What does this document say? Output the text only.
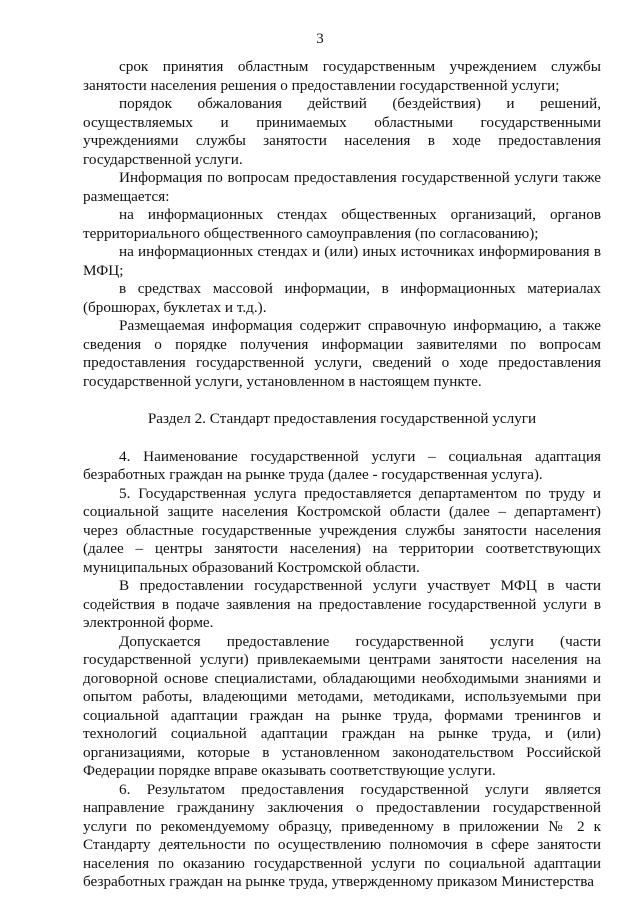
3

срок принятия областным государственным учреждением службы занятости населения решения о предоставлении государственной услуги;

порядок обжалования действий (бездействия) и решений, осуществляемых и принимаемых областными государственными учреждениями службы занятости населения в ходе предоставления государственной услуги.

Информация по вопросам предоставления государственной услуги также размещается:

на информационных стендах общественных организаций, органов территориального общественного самоуправления (по согласованию);

на информационных стендах и (или) иных источниках информирования в МФЦ;

в средствах массовой информации, в информационных материалах (брошюрах, буклетах и т.д.).

Размещаемая информация содержит справочную информацию, а также сведения о порядке получения информации заявителями по вопросам предоставления государственной услуги, сведений о ходе предоставления государственной услуги, установленном в настоящем пункте.

Раздел 2. Стандарт предоставления государственной услуги

4. Наименование государственной услуги – социальная адаптация безработных граждан на рынке труда (далее - государственная услуга).

5. Государственная услуга предоставляется департаментом по труду и социальной защите населения Костромской области (далее – департамент) через областные государственные учреждения службы занятости населения (далее – центры занятости населения) на территории соответствующих муниципальных образований Костромской области.

В предоставлении государственной услуги участвует МФЦ в части содействия в подаче заявления на предоставление государственной услуги в электронной форме.

Допускается предоставление государственной услуги (части государственной услуги) привлекаемыми центрами занятости населения на договорной основе специалистами, обладающими необходимыми знаниями и опытом работы, владеющими методами, методиками, используемыми при социальной адаптации граждан на рынке труда, формами тренингов и технологий социальной адаптации граждан на рынке труда, и (или) организациями, которые в установленном законодательством Российской Федерации порядке вправе оказывать соответствующие услуги.

6. Результатом предоставления государственной услуги является направление гражданину заключения о предоставлении государственной услуги по рекомендуемому образцу, приведенному в приложении № 2 к Стандарту деятельности по осуществлению полномочия в сфере занятости населения по оказанию государственной услуги по социальной адаптации безработных граждан на рынке труда, утвержденному приказом Министерства
